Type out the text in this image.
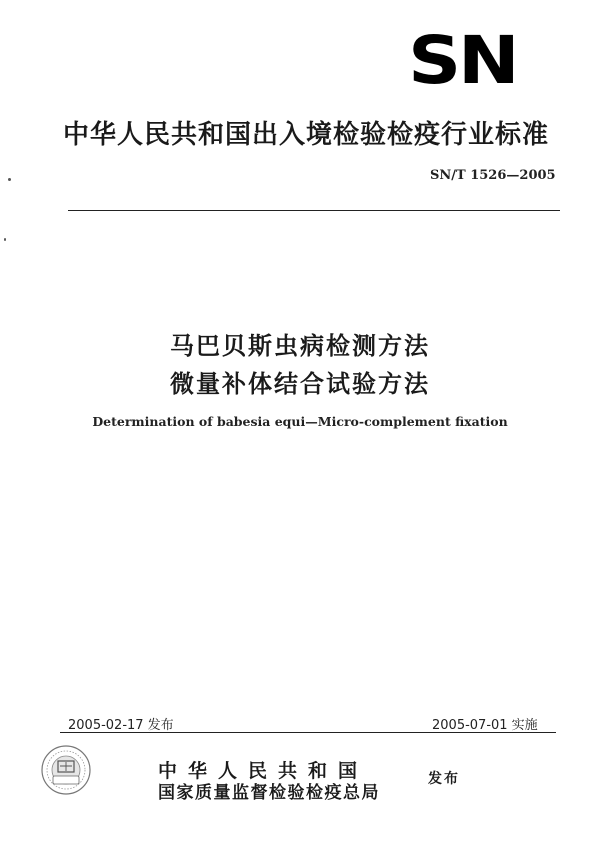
SN
中华人民共和国出入境检验检疫行业标准
SN/T 1526—2005
马巴贝斯虫病检测方法
微量补体结合试验方法
Determination of babesia equi—Micro-complement fixation
2005-02-17 发布	2005-07-01 实施
中华人民共和国
国家质量监督检验检疫总局
发布
